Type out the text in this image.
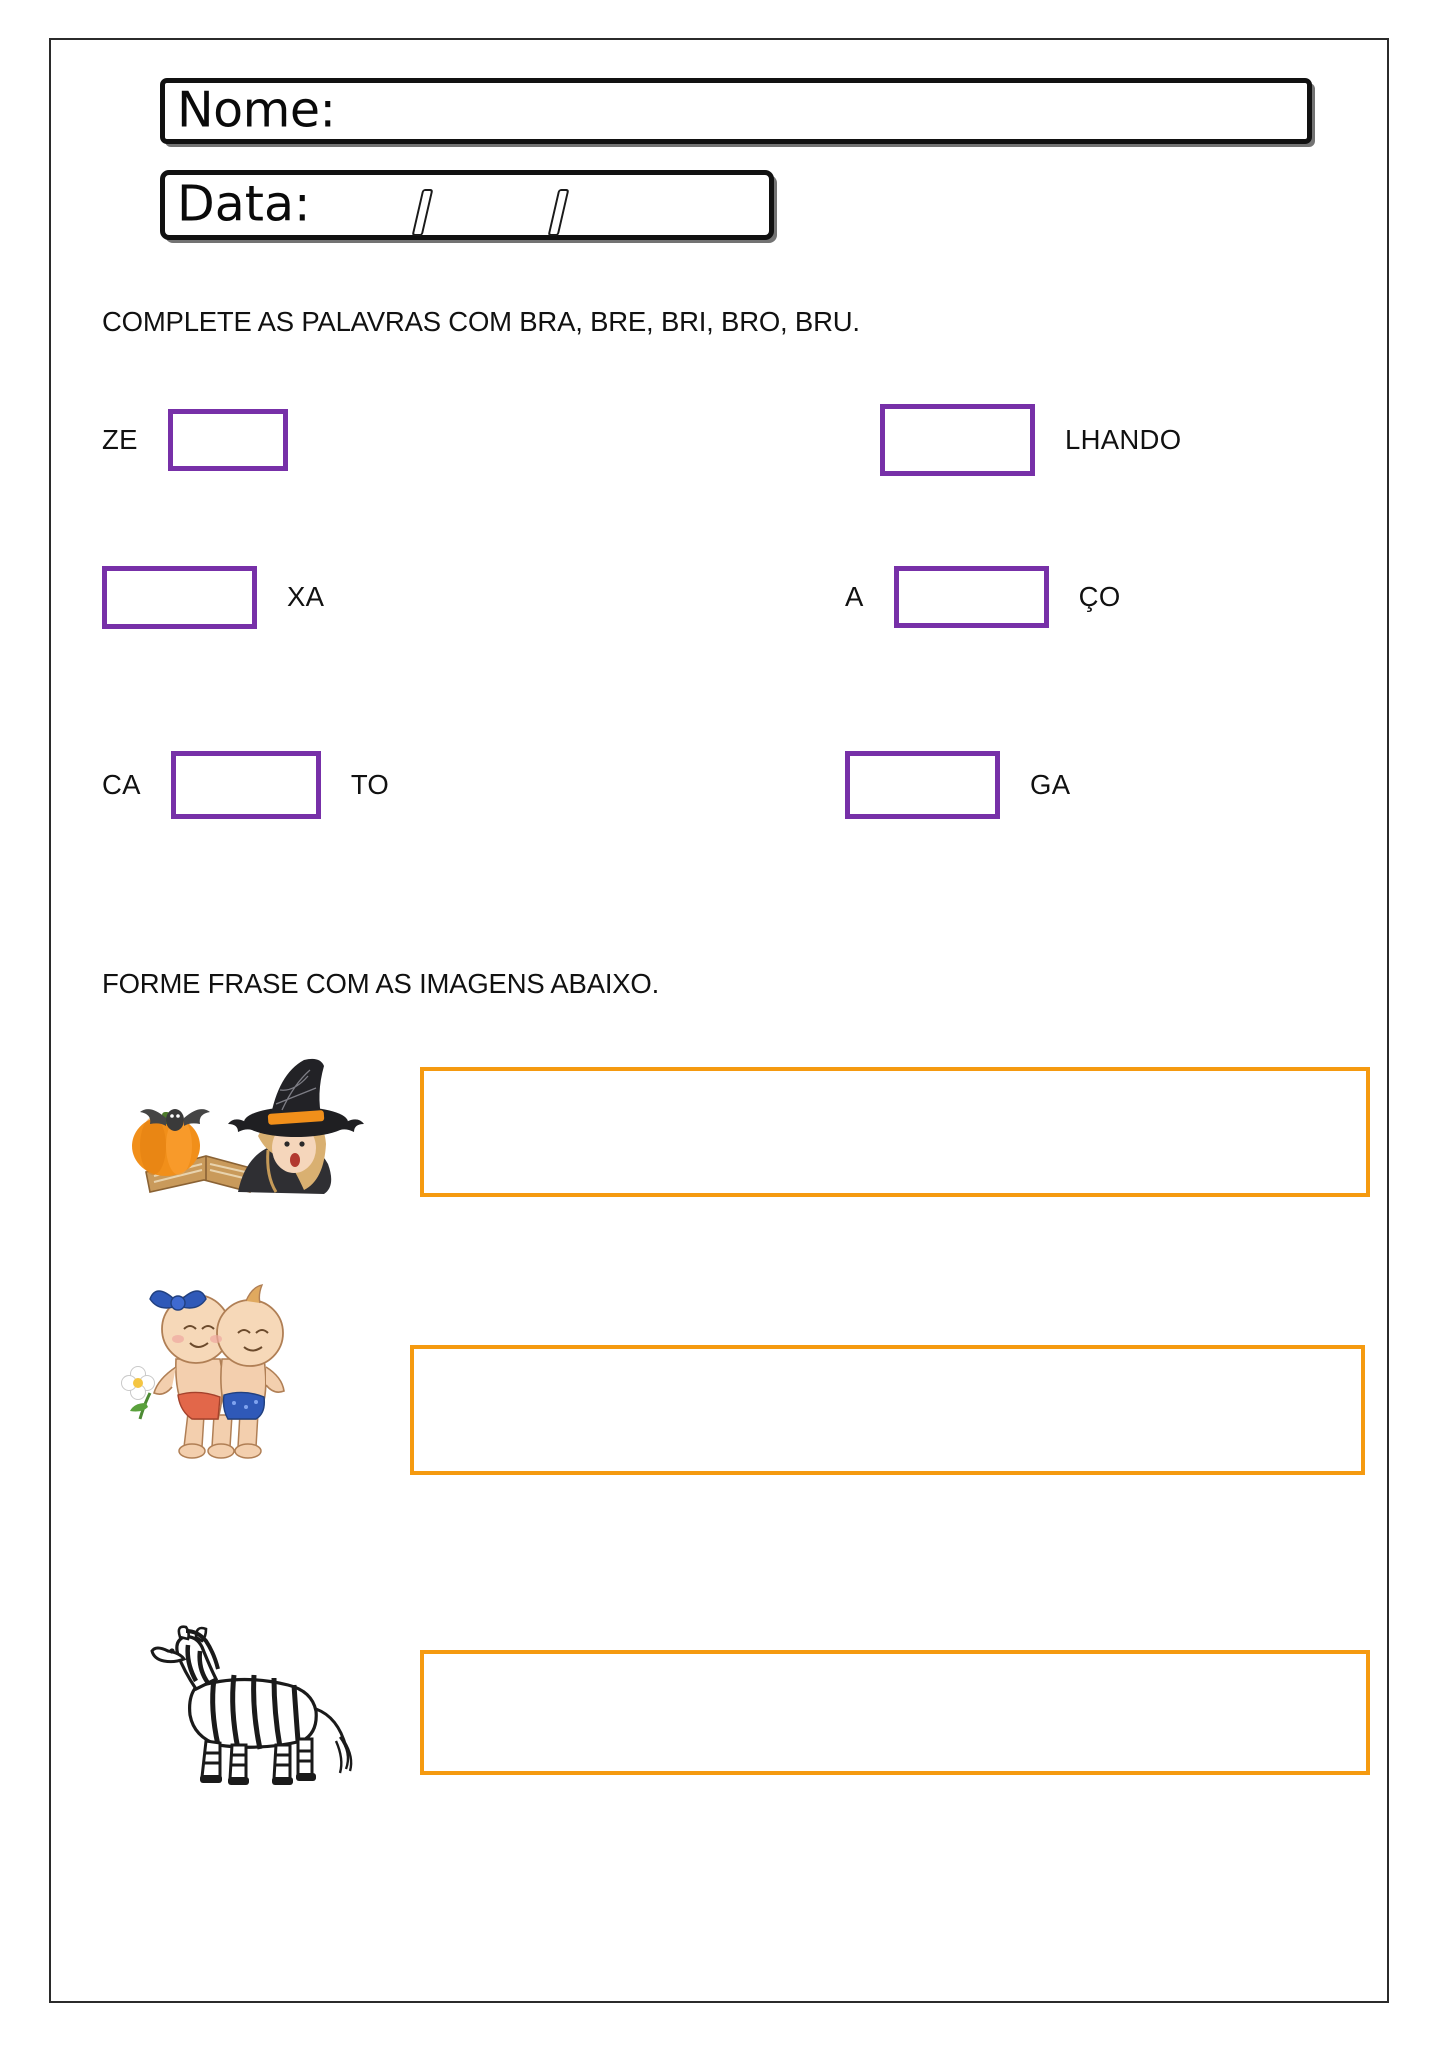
Nome:
Data:
COMPLETE AS PALAVRAS COM BRA, BRE, BRI, BRO, BRU.
ZE	LHANDO
XA	A	ÇO
CA	TO	GA
FORME FRASE COM AS IMAGENS ABAIXO.
